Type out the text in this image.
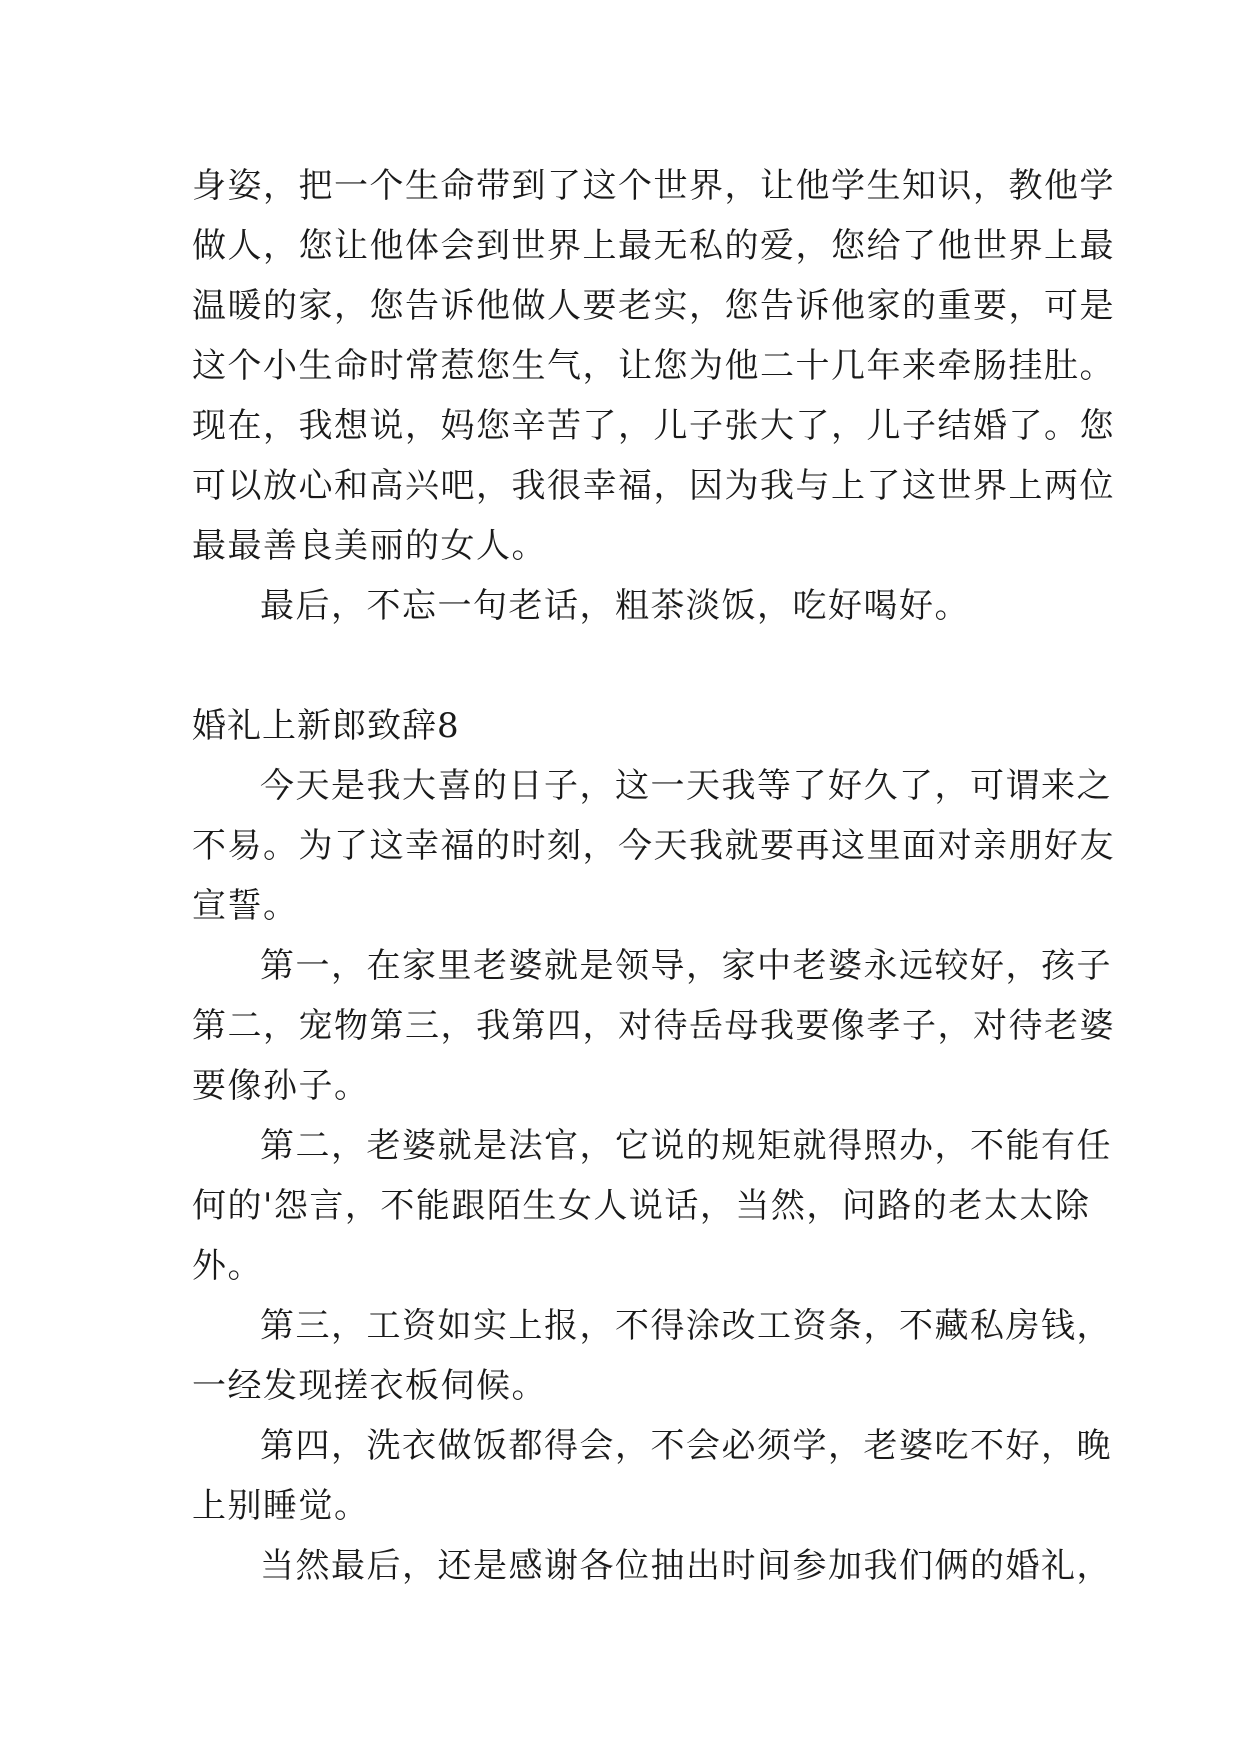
身姿，把一个生命带到了这个世界，让他学生知识，教他学
做人，您让他体会到世界上最无私的爱，您给了他世界上最
温暖的家，您告诉他做人要老实，您告诉他家的重要，可是
这个小生命时常惹您生气，让您为他二十几年来牵肠挂肚。
现在，我想说，妈您辛苦了，儿子张大了，儿子结婚了。您
可以放心和高兴吧，我很幸福，因为我与上了这世界上两位
最最善良美丽的女人。
最后，不忘一句老话，粗茶淡饭，吃好喝好。
婚礼上新郎致辞8
今天是我大喜的日子，这一天我等了好久了，可谓来之
不易。为了这幸福的时刻，今天我就要再这里面对亲朋好友
宣誓。
第一，在家里老婆就是领导，家中老婆永远较好，孩子
第二，宠物第三，我第四，对待岳母我要像孝子，对待老婆
要像孙子。
第二，老婆就是法官，它说的规矩就得照办，不能有任
何的'怨言，不能跟陌生女人说话，当然，问路的老太太除
外。
第三，工资如实上报，不得涂改工资条，不藏私房钱，
一经发现搓衣板伺候。
第四，洗衣做饭都得会，不会必须学，老婆吃不好，晚
上别睡觉。
当然最后，还是感谢各位抽出时间参加我们俩的婚礼，
